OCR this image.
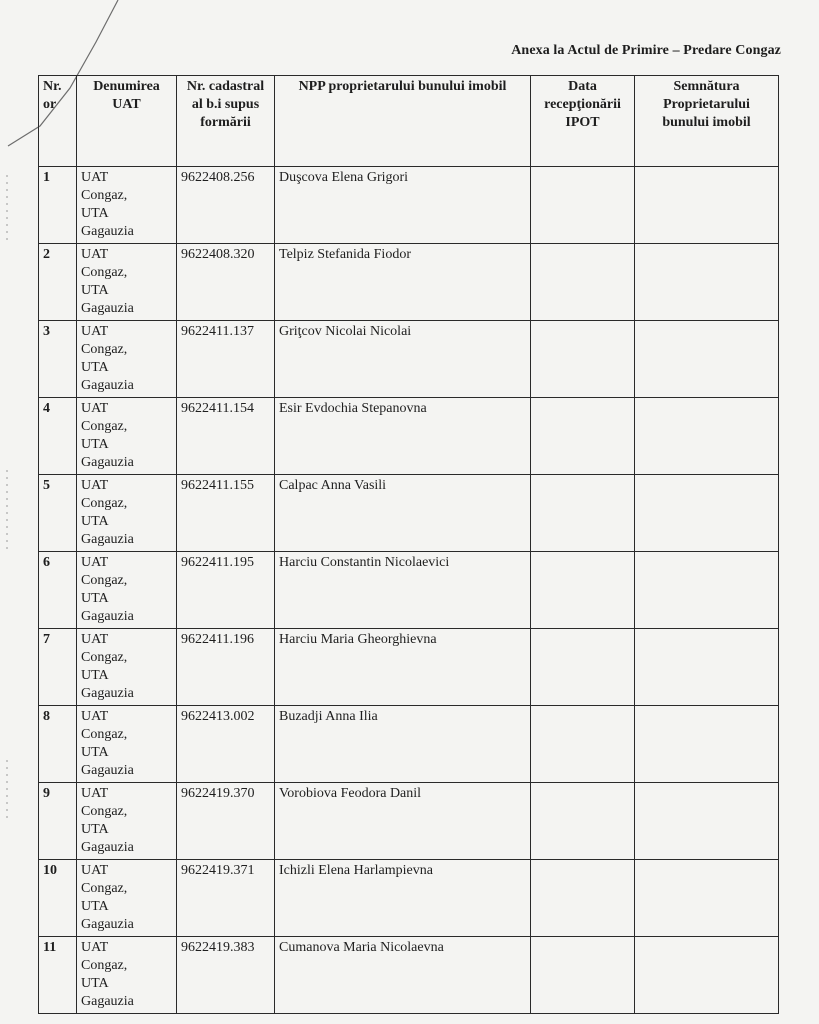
Anexa la Actul de Primire – Predare Congaz
Nr. or	Denumirea UAT	Nr. cadastral al b.i supus formării	NPP proprietarului bunului imobil	Data recepţionării IPOT	Semnătura Proprietarului bunului imobil
1	UAT
Congaz,
UTA
Gagauzia	9622408.256	Duşcova Elena Grigori		
2	UAT
Congaz,
UTA
Gagauzia	9622408.320	Telpiz Stefanida Fiodor		
3	UAT
Congaz,
UTA
Gagauzia	9622411.137	Griţcov Nicolai Nicolai		
4	UAT
Congaz,
UTA
Gagauzia	9622411.154	Esir Evdochia Stepanovna		
5	UAT
Congaz,
UTA
Gagauzia	9622411.155	Calpac Anna Vasili		
6	UAT
Congaz,
UTA
Gagauzia	9622411.195	Harciu Constantin Nicolaevici		
7	UAT
Congaz,
UTA
Gagauzia	9622411.196	Harciu Maria Gheorghievna		
8	UAT
Congaz,
UTA
Gagauzia	9622413.002	Buzadji Anna Ilia		
9	UAT
Congaz,
UTA
Gagauzia	9622419.370	Vorobiova Feodora Danil		
10	UAT
Congaz,
UTA
Gagauzia	9622419.371	Ichizli Elena Harlampievna		
11	UAT
Congaz,
UTA
Gagauzia	9622419.383	Cumanova Maria Nicolaevna		
